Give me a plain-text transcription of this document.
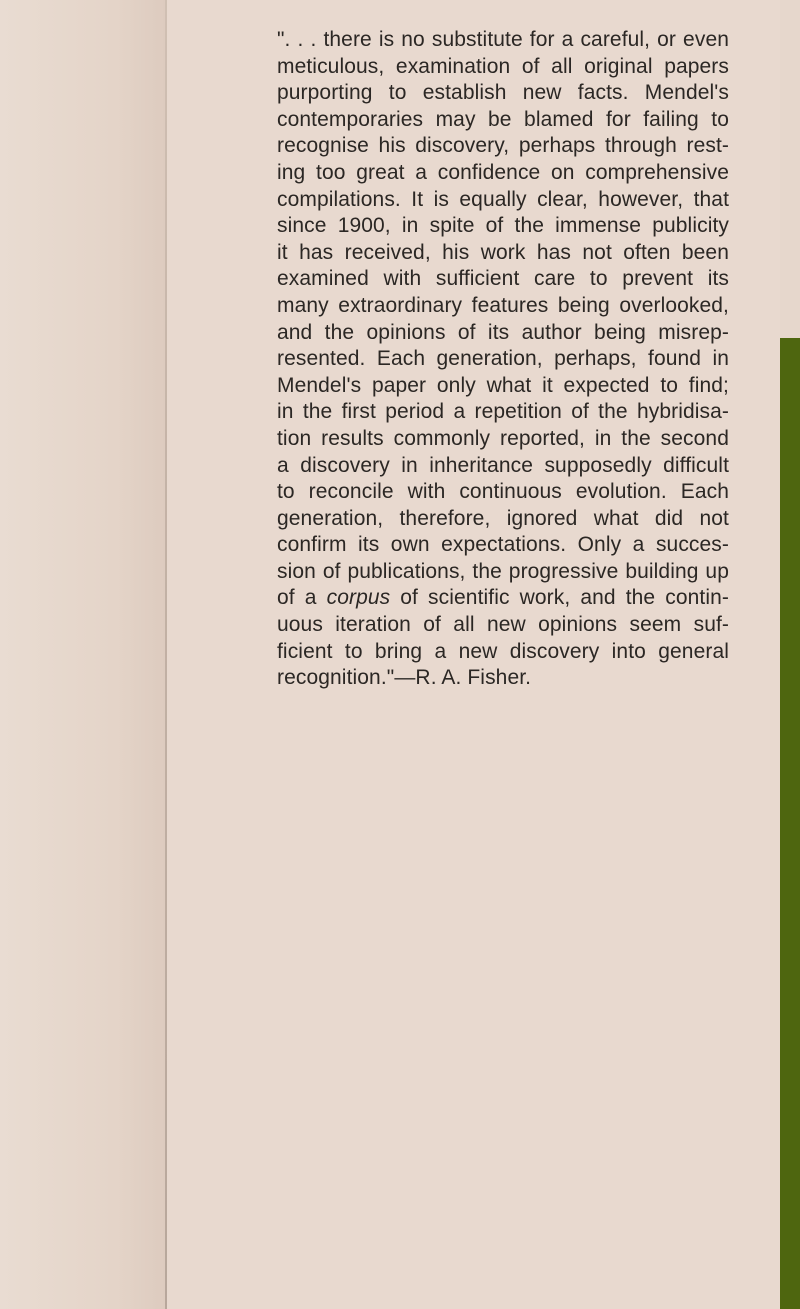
". . . there is no substitute for a careful, or even
meticulous, examination of all original papers
purporting to establish new facts. Mendel's
contemporaries may be blamed for failing to
recognise his discovery, perhaps through rest-
ing too great a confidence on comprehensive
compilations. It is equally clear, however, that
since 1900, in spite of the immense publicity
it has received, his work has not often been
examined with sufficient care to prevent its
many extraordinary features being overlooked,
and the opinions of its author being misrep-
resented. Each generation, perhaps, found in
Mendel's paper only what it expected to find;
in the first period a repetition of the hybridisa-
tion results commonly reported, in the second
a discovery in inheritance supposedly difficult
to reconcile with continuous evolution. Each
generation, therefore, ignored what did not
confirm its own expectations. Only a succes-
sion of publications, the progressive building up
of a corpus of scientific work, and the contin-
uous iteration of all new opinions seem suf-
ficient to bring a new discovery into general
recognition."—R. A. Fisher.
